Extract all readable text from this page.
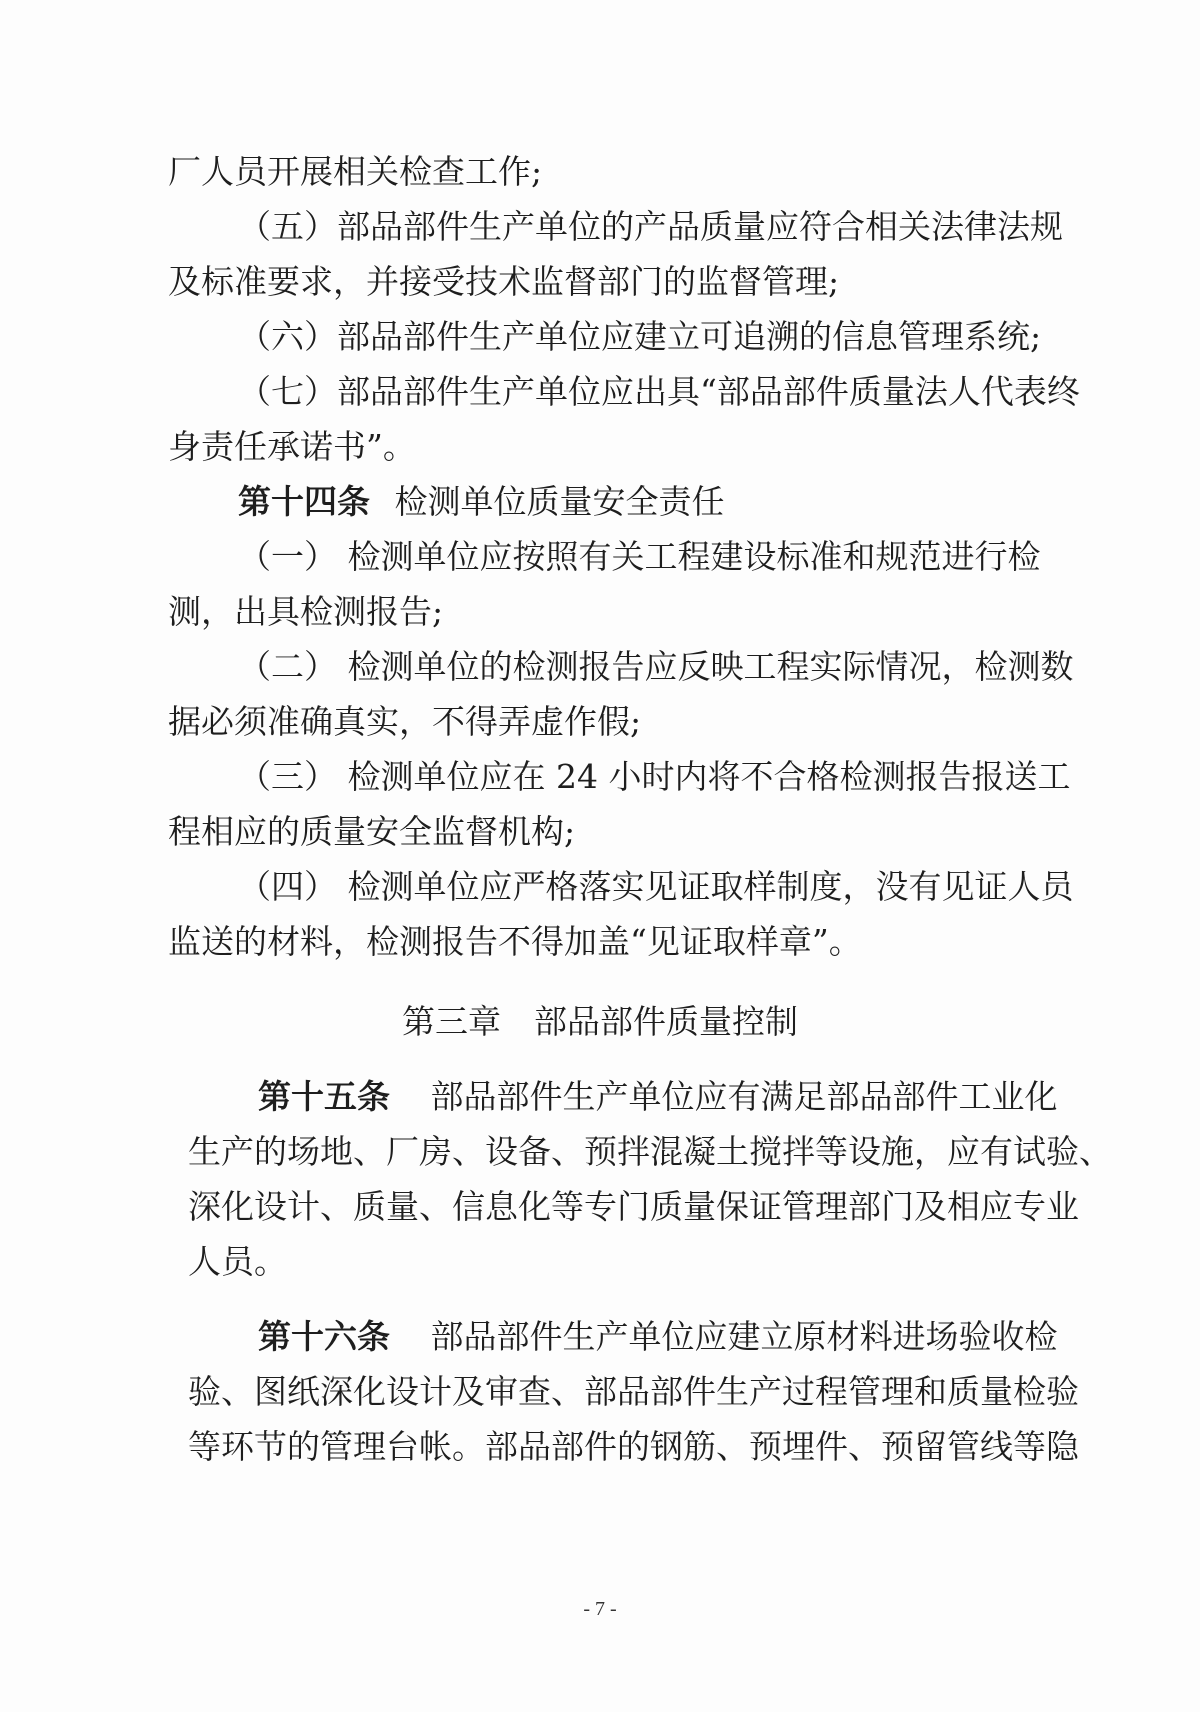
厂人员开展相关检查工作;
（五）部品部件生产单位的产品质量应符合相关法律法规
及标准要求，并接受技术监督部门的监督管理;
（六）部品部件生产单位应建立可追溯的信息管理系统;
（七）部品部件生产单位应出具“部品部件质量法人代表终
身责任承诺书”。
第十四条 检测单位质量安全责任
（一） 检测单位应按照有关工程建设标准和规范进行检
测，出具检测报告;
（二） 检测单位的检测报告应反映工程实际情况，检测数
据必须准确真实，不得弄虚作假;
（三） 检测单位应在 24 小时内将不合格检测报告报送工
程相应的质量安全监督机构;
（四） 检测单位应严格落实见证取样制度，没有见证人员
监送的材料，检测报告不得加盖“见证取样章”。
第三章　部品部件质量控制
第十五条 部品部件生产单位应有满足部品部件工业化
生产的场地、厂房、设备、预拌混凝土搅拌等设施，应有试验、
深化设计、质量、信息化等专门质量保证管理部门及相应专业
人员。
第十六条 部品部件生产单位应建立原材料进场验收检
验、图纸深化设计及审查、部品部件生产过程管理和质量检验
等环节的管理台帐。部品部件的钢筋、预埋件、预留管线等隐
- 7 -
